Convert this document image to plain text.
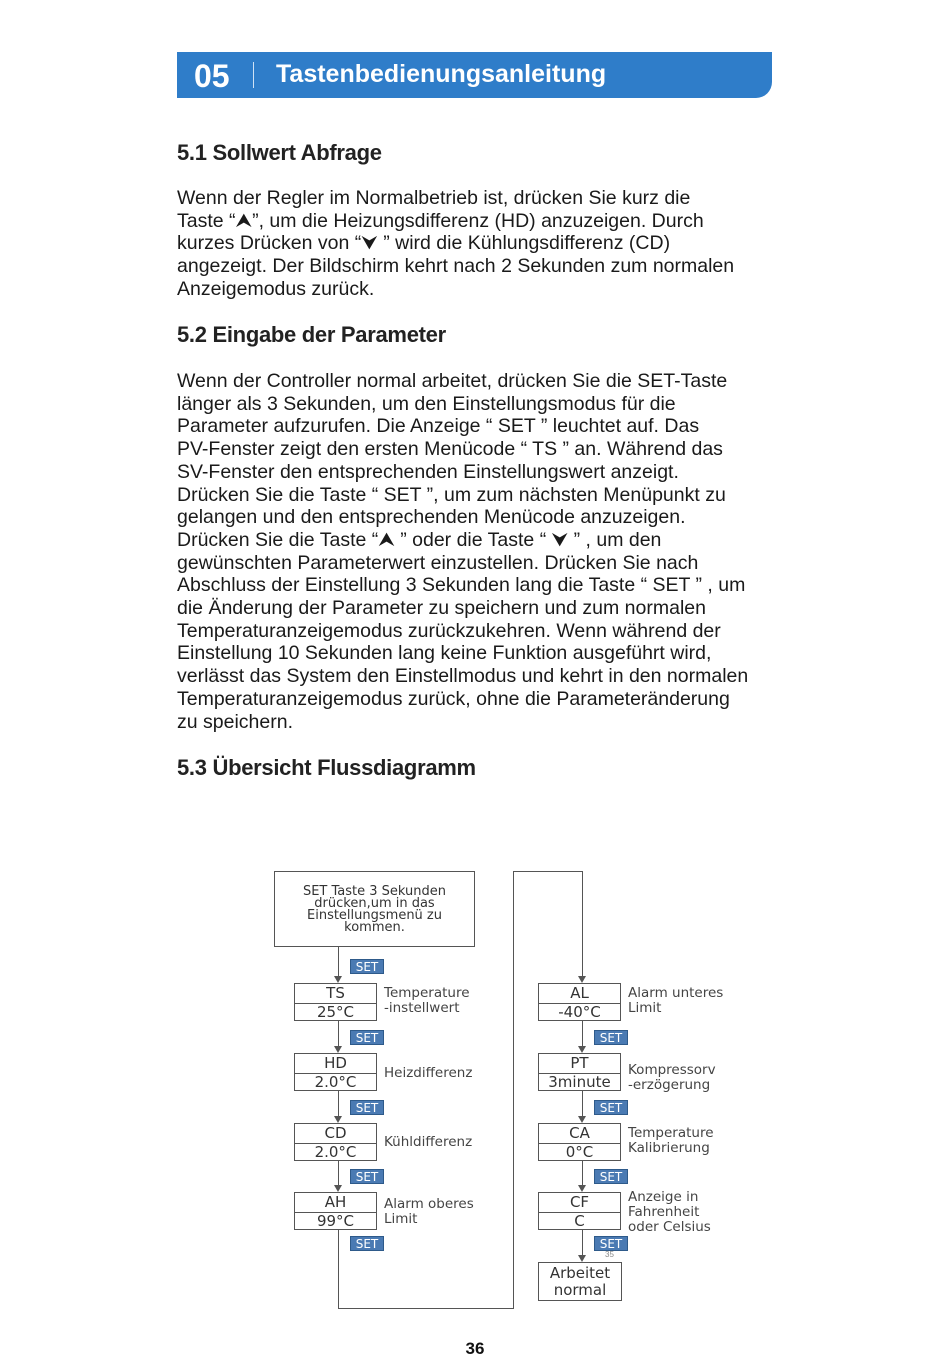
05 Tastenbedienungsanleitung
5.1 Sollwert Abfrage
Wenn der Regler im Normalbetrieb ist, drücken Sie kurz die
Taste “⮝”, um die Heizungsdifferenz (HD) anzuzeigen. Durch
kurzes Drücken von “⮟ ” wird die Kühlungsdifferenz (CD)
angezeigt. Der Bildschirm kehrt nach 2 Sekunden zum normalen
Anzeigemodus zurück.
5.2 Eingabe der Parameter
Wenn der Controller normal arbeitet, drücken Sie die SET-Taste
länger als 3 Sekunden, um den Einstellungsmodus für die
Parameter aufzurufen. Die Anzeige “ SET ” leuchtet auf. Das
PV-Fenster zeigt den ersten Menücode “ TS ” an. Während das
SV-Fenster den entsprechenden Einstellungswert anzeigt.
Drücken Sie die Taste “ SET ”, um zum nächsten Menüpunkt zu
gelangen und den entsprechenden Menücode anzuzeigen.
Drücken Sie die Taste “⮝ ” oder die Taste “ ⮟ ” , um den
gewünschten Parameterwert einzustellen. Drücken Sie nach
Abschluss der Einstellung 3 Sekunden lang die Taste “ SET ” , um
die Änderung der Parameter zu speichern und zum normalen
Temperaturanzeigemodus zurückzukehren. Wenn während der
Einstellung 10 Sekunden lang keine Funktion ausgeführt wird,
verlässt das System den Einstellmodus und kehrt in den normalen
Temperaturanzeigemodus zurück, ohne die Parameteränderung
zu speichern.
5.3 Übersicht Flussdiagramm
SET Taste 3 Sekunden drücken,um in das Einstellungsmenü zu kommen.
SET
SET
SET
SET
SET
SET
SET
SET
SET
35
TS
25°C
Temperature
-instellwert
HD
2.0°C	Heizdifferenz
CD
2.0°C
Kühldifferenz
AH
99°C
Alarm oberes
Limit
AL
-40°C
Alarm unteres
Limit
PT
3minute
Kompressorv
-erzögerung
CA
0°C
Temperature
Kalibrierung
CF
C
Anzeige in
Fahrenheit
oder Celsius
Arbeitet
normal
36
